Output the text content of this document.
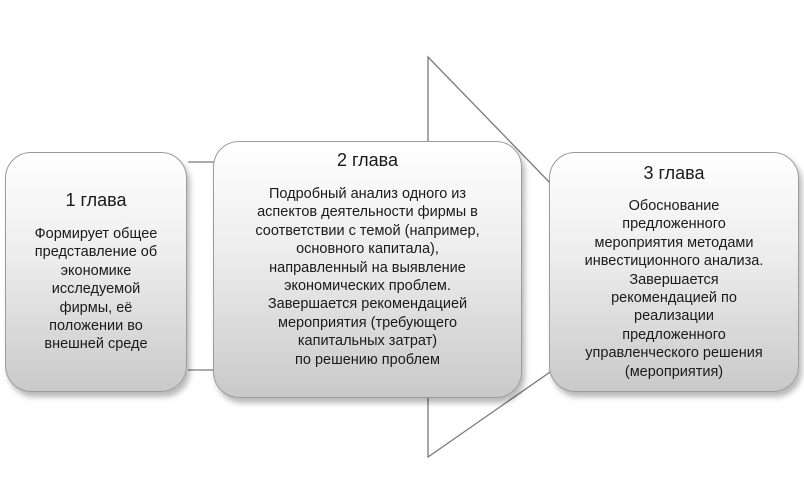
1 глава
Формирует общее
представление об
экономике
исследуемой
фирмы, её
положении во
внешней среде
2 глава
Подробный анализ одного из
аспектов деятельности фирмы в
соответствии с темой (например,
основного капитала),
направленный на выявление
экономических проблем.
Завершается рекомендацией
мероприятия (требующего
капитальных затрат)
по решению проблем
3 глава
Обоснование
предложенного
мероприятия методами
инвестиционного анализа.
Завершается
рекомендацией по
реализации
предложенного
управленческого решения
(мероприятия)
